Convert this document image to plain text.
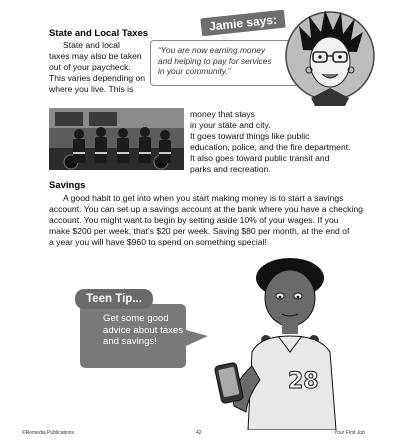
State and Local Taxes
State and local
taxes may also be taken
out of your paycheck.
This varies depending on
where you live. This is
Jamie says:
“You are now earning money
and helping to pay for services
in your community.”
money that stays
in your state and city.
It goes toward things like public
education, police, and the fire department.
It also goes toward public transit and
parks and recreation.
Savings
A good habit to get into when you start making money is to start a savings
account. You can set up a savings account at the bank where you have a checking
account. You might want to begin by setting aside 10% of your wages. If you
make $200 per week, that’s $20 per week. Saving $80 per month, at the end of
a year you will have $960 to spend on something special!
Teen Tip...
Get some good
advice about taxes
and savings!
28
©Remedia Publications	42	Your First Job
